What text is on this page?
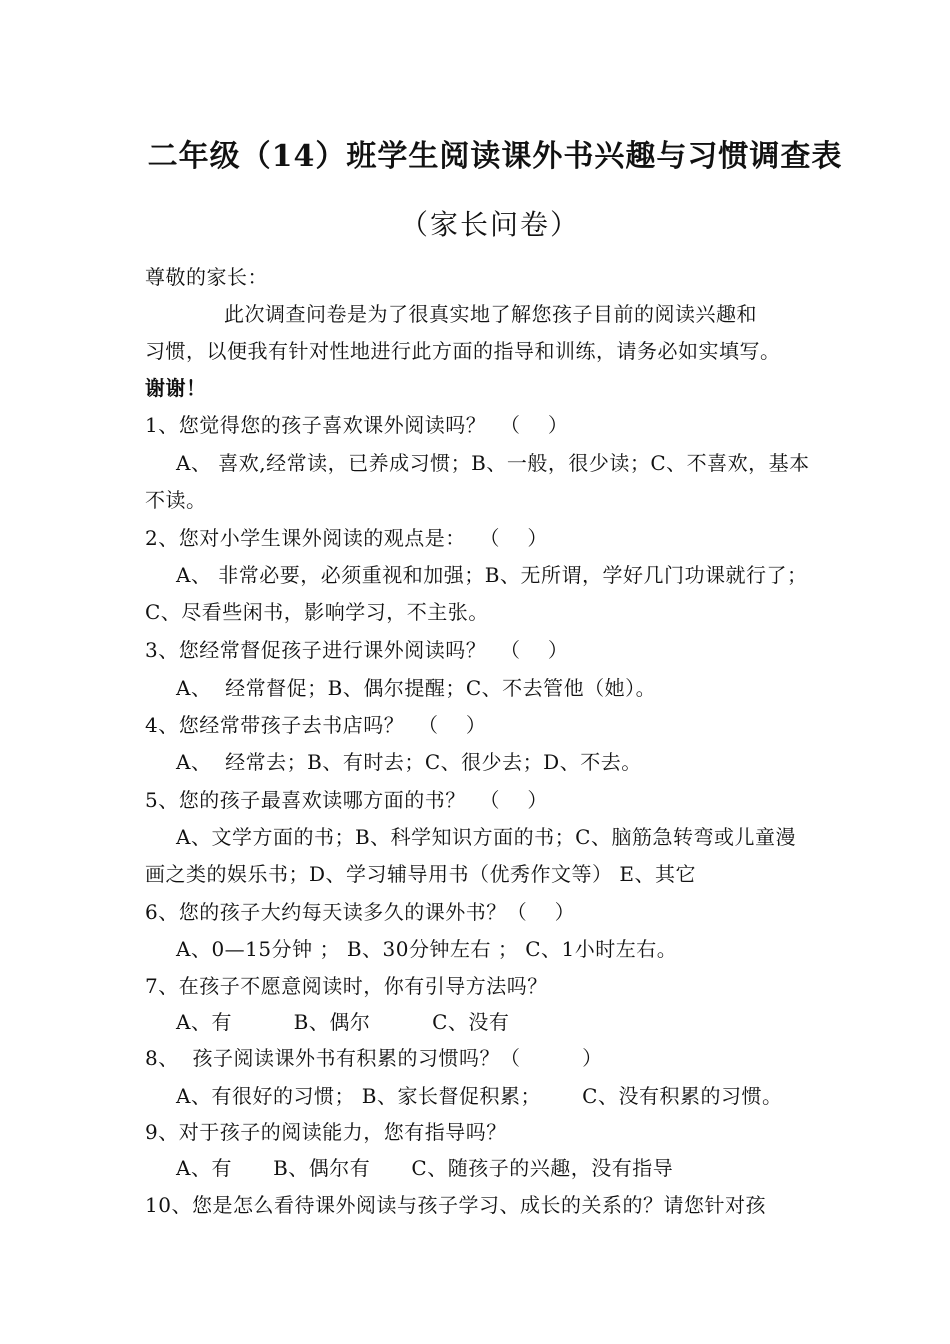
二年级（14）班学生阅读课外书兴趣与习惯调查表
（家长问卷）
尊敬的家长：
此次调查问卷是为了很真实地了解您孩子目前的阅读兴趣和
习惯，以便我有针对性地进行此方面的指导和训练，请务必如实填写。
谢谢！
1、您觉得您的孩子喜欢课外阅读吗？  （    ）
A、 喜欢,经常读，已养成习惯；B、一般，很少读；C、不喜欢，基本
不读。
2、您对小学生课外阅读的观点是：  （    ）
A、 非常必要，必须重视和加强；B、无所谓，学好几门功课就行了；
C、尽看些闲书，影响学习，不主张。
3、您经常督促孩子进行课外阅读吗？  （    ）
A、  经常督促；B、偶尔提醒；C、不去管他（她）。
4、您经常带孩子去书店吗？  （    ）
A、  经常去；B、有时去；C、很少去；D、不去。
5、您的孩子最喜欢读哪方面的书？  （    ）
A、文学方面的书；B、科学知识方面的书；C、脑筋急转弯或儿童漫
画之类的娱乐书；D、学习辅导用书（优秀作文等） E、其它
6、您的孩子大约每天读多久的课外书？（    ）
A、0—15分钟 ； B、30分钟左右 ； C、1小时左右。
7、在孩子不愿意阅读时，你有引导方法吗？
A、有         B、偶尔         C、没有
8、  孩子阅读课外书有积累的习惯吗？（         ）
A、有很好的习惯； B、家长督促积累；      C、没有积累的习惯。
9、对于孩子的阅读能力，您有指导吗？
A、有      B、偶尔有      C、随孩子的兴趣，没有指导
10、您是怎么看待课外阅读与孩子学习、成长的关系的？请您针对孩
